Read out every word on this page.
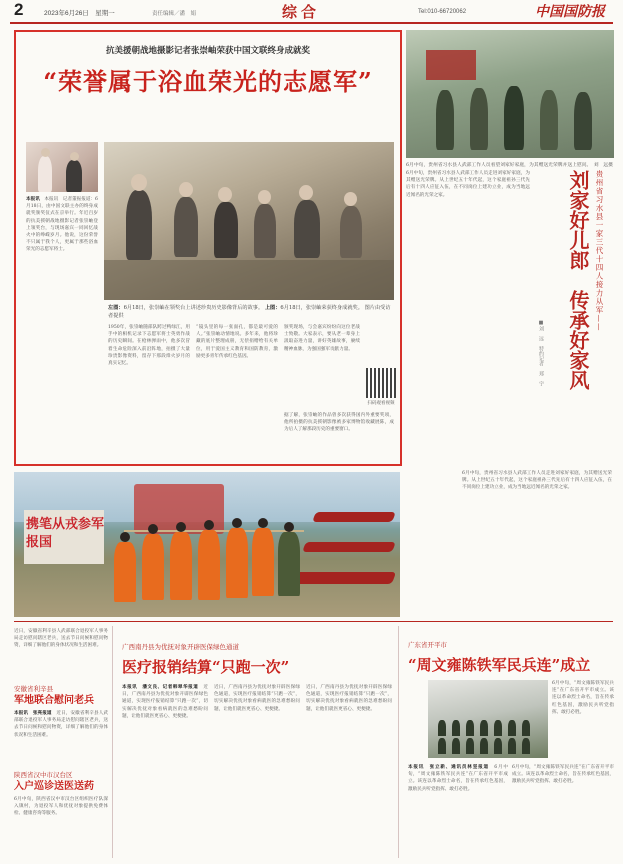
2	2023年6月26日　星期一	责任编辑／潘　娟	综合	Tel:010-66720062	中国国防报
抗美援朝战地摄影记者张崇岫荣获中国文联终身成就奖
“荣誉属于浴血荣光的志愿军”
本报讯　本报讯　记者董振报道：6月18日，由中国文联主办的终身成就奖颁奖仪式在京举行。年近百岁的抗美援朝战地摄影记者张崇岫登上领奖台，与现场嘉宾一同回忆战火中的峥嵘岁月。他说，这份荣誉不只属于我个人，更属于那些浴血荣光的志愿军将士。
左图：6月18日，张崇岫在领奖台上讲述珍贵历史影像背后的故事。 上图：6月18日，张崇岫荣获终身成就奖。 图片由受访者提供
1950年，张崇岫随部队跨过鸭绿江，用手中的相机记录下志愿军将士英勇作战的历史瞬间。在枪林弹雨中，他多次冒着生命危险深入前沿阵地，拍摄了大量珍贵影像资料，留存下那段烽火岁月的真实记忆。
“镜头里的每一张面孔，都是最可爱的人。”张崇岫动情地说。多年来，他将珍藏的底片整理成册，无偿捐赠给有关单位，用于爱国主义教育和国防教育，激励更多青年传承红色基因。
颁奖现场，与会嘉宾纷纷向这位老战士致敬。大家表示，要从老一辈身上汲取奋进力量，讲好英雄故事，赓续精神血脉，为强国强军贡献力量。
据了解，张崇岫的作品曾多次获得国内外重要奖项，他所拍摄的抗美援朝影像被多家博物馆收藏展陈，成为后人了解那段历史的重要窗口。
扫码观看视频
携笔从戎参军报国
6月中旬，贵州省习水县人武部工作人员看望刘家好家庭，为其赠送光荣牌并送上慰问。　刘　远摄
贵州省习水县一家三代十四人接力从军——
刘家好儿郎　传承好家风
■刘　远　特约记者　郑　宇
6月中旬，贵州省习水县人武部工作人员走进刘家好家庭，为其赠送光荣牌。从上世纪五十年代起，这个家庭祖孙三代先后有十四人应征入伍，在不同岗位上建功立业，成为当地远近闻名的光荣之家。
6月中旬，贵州省习水县人武部工作人员走进刘家好家庭，为其赠送光荣牌。从上世纪五十年代起，这个家庭祖孙三代先后有十四人应征入伍，在不同岗位上建功立业，成为当地远近闻名的光荣之家。
近日，安徽省利辛县人武部联合退役军人事务局走访慰问辖区老兵，送去节日问候和慰问物资，详细了解他们的身体状况和生活困难。
安徽省利辛县
军地联合慰问老兵
本报讯　张亮报道　 近日，安徽省利辛县人武部联合退役军人事务局走访慰问辖区老兵，送去节日问候和慰问物资，详细了解他们的身体状况和生活困难。
陕西省汉中市汉台区
入户巡诊送医送药
6月中旬，陕西省汉中市汉台区组织医疗队深入镇村，为退役军人和优抚对象提供免费体检、健康咨询等服务。
广西南丹县为优抚对象开辟医保绿色通道
医疗报销结算“只跑一次”
本报讯　潘文良、记者韩翠华报道　 近日，广西南丹县为优抚对象开辟医保绿色通道，实现医疗报销结算“只跑一次”，切实解决优抚对象看病就医的急难愁盼问题，让他们就医更省心、更便捷。
近日，广西南丹县为优抚对象开辟医保绿色通道，实现医疗报销结算“只跑一次”，切实解决优抚对象看病就医的急难愁盼问题，让他们就医更省心、更便捷。
近日，广西南丹县为优抚对象开辟医保绿色通道，实现医疗报销结算“只跑一次”，切实解决优抚对象看病就医的急难愁盼问题，让他们就医更省心、更便捷。
广东省开平市
“周文雍陈铁军民兵连”成立
6月中旬，“周文雍陈铁军民兵连”在广东省开平市成立。该连以革命烈士命名，旨在传承红色基因，激励民兵听党指挥、敢打必胜。
本报讯　张立新、通讯员林坚报道　 6月中旬，“周文雍陈铁军民兵连”在广东省开平市成立。该连以革命烈士命名，旨在传承红色基因，激励民兵听党指挥、敢打必胜。
6月中旬，“周文雍陈铁军民兵连”在广东省开平市成立。该连以革命烈士命名，旨在传承红色基因，激励民兵听党指挥、敢打必胜。
